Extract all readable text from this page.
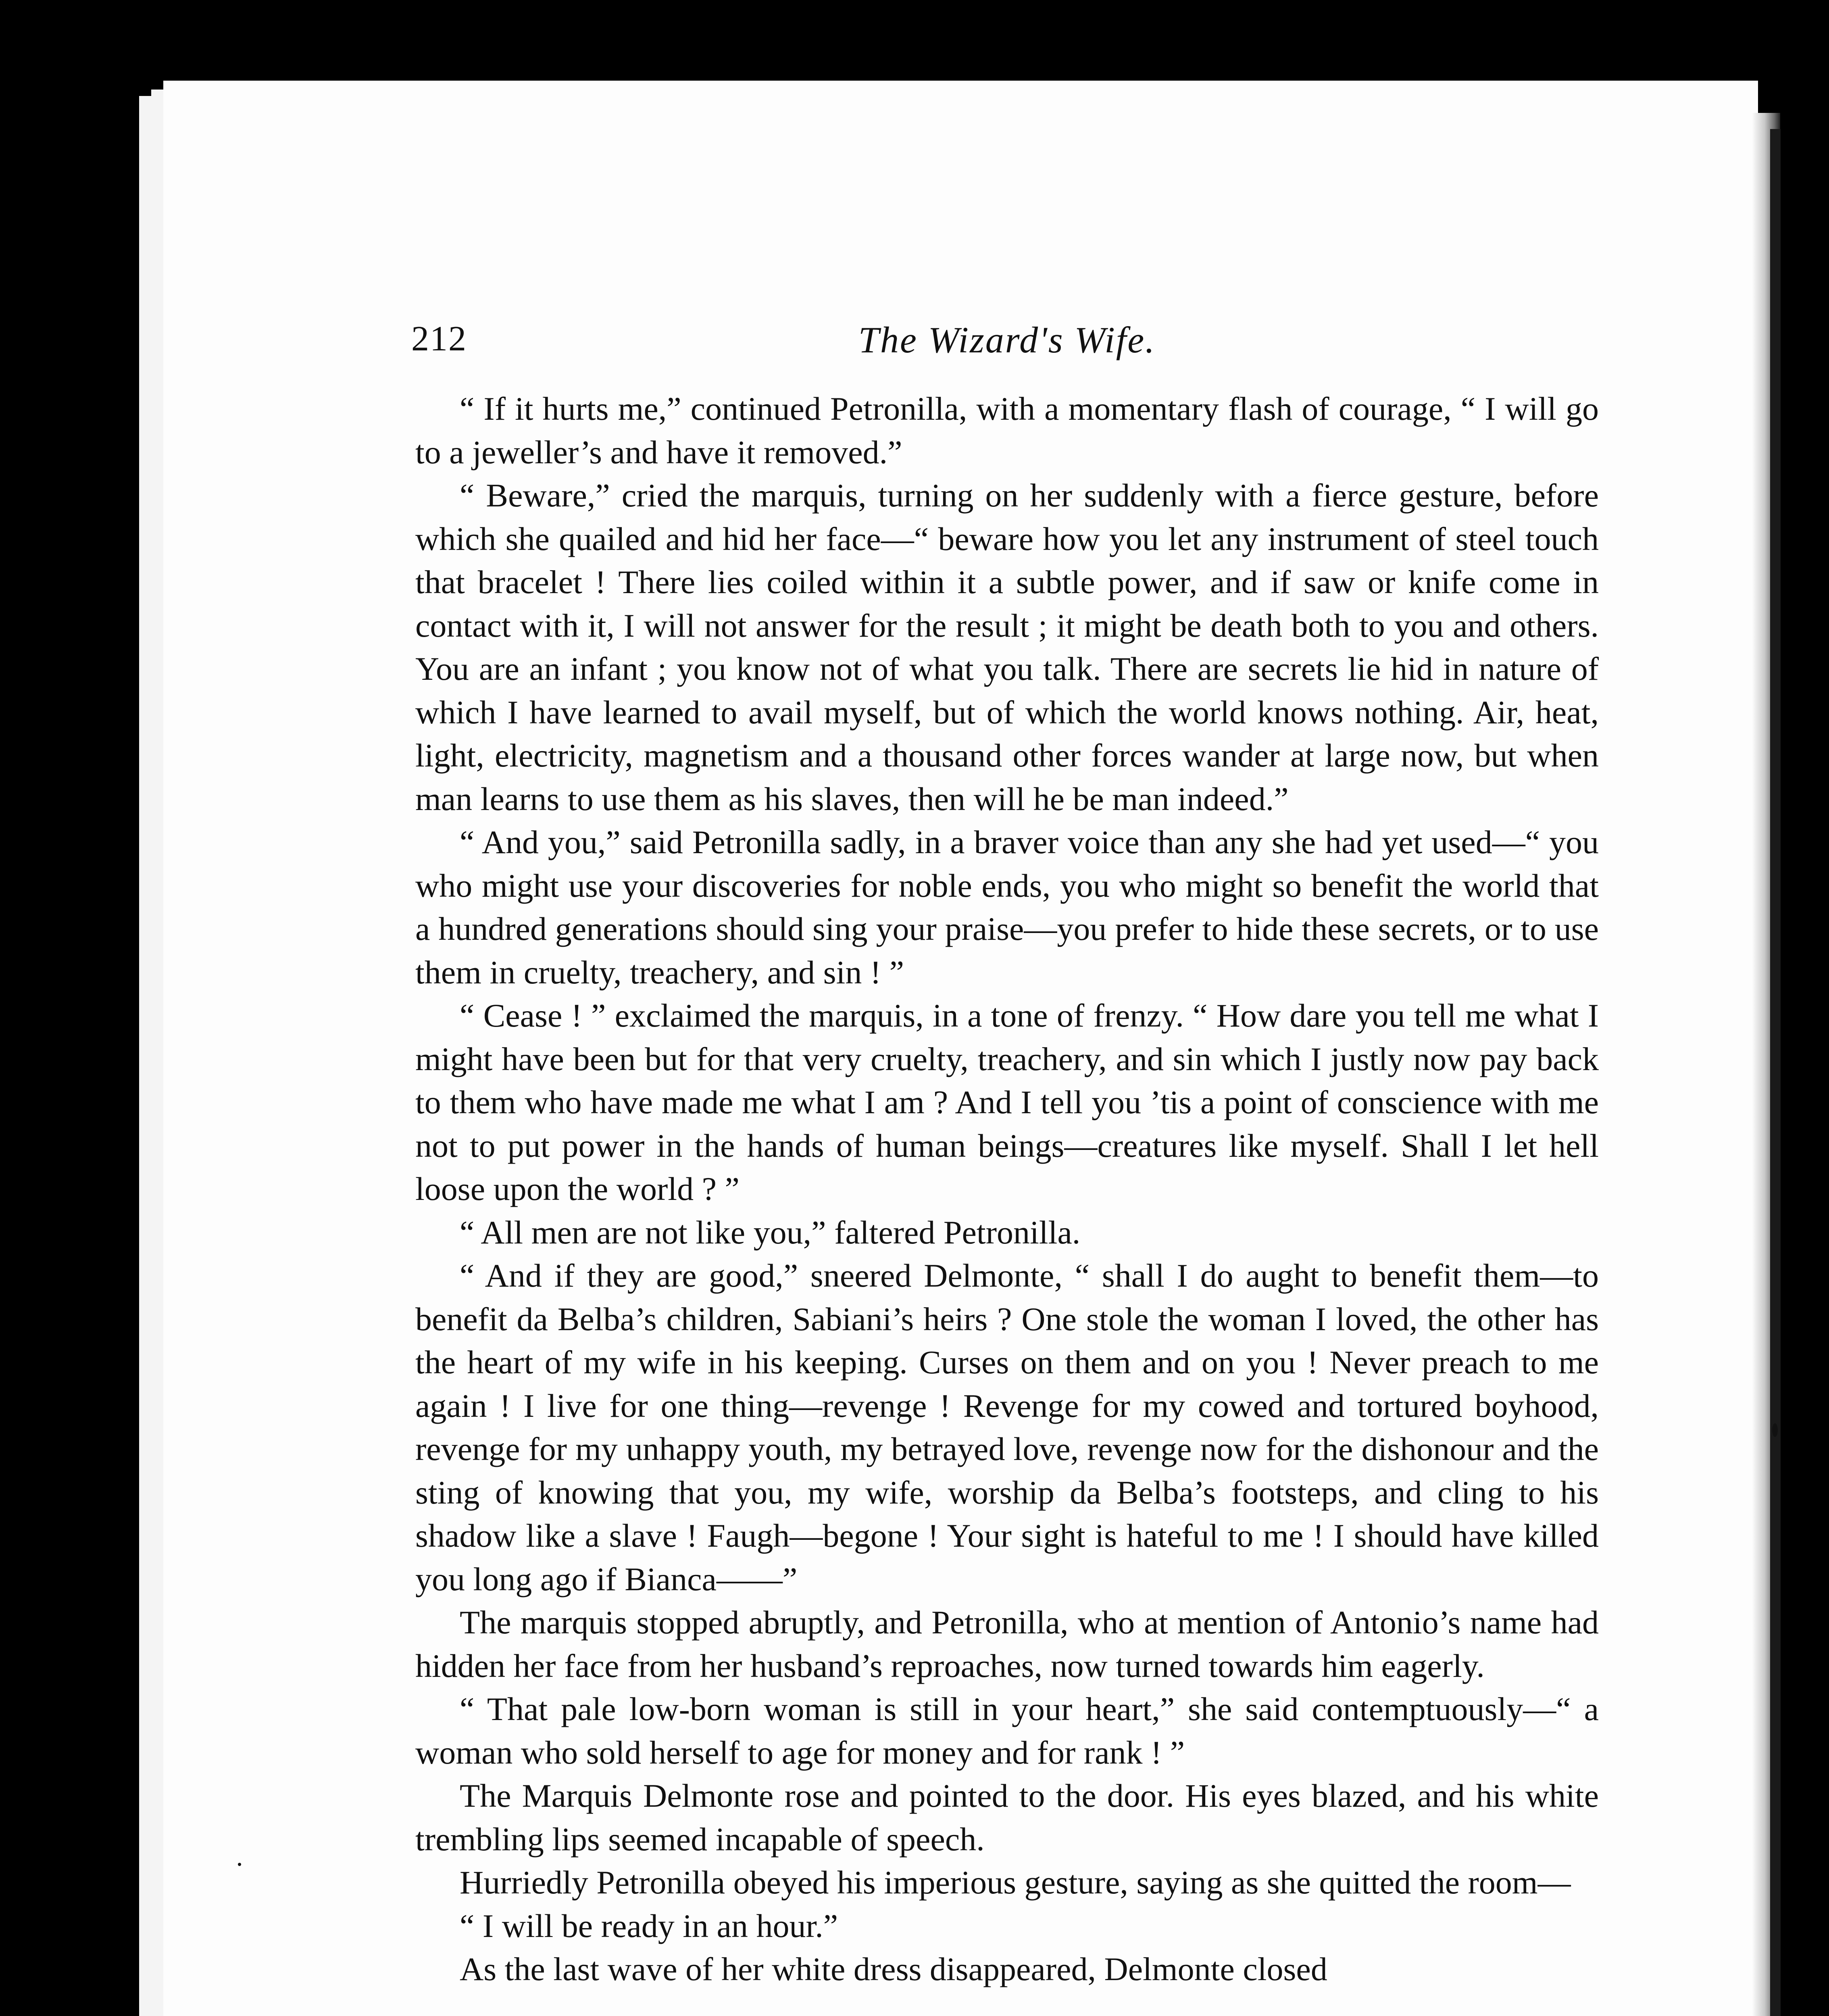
212	The Wizard's Wife.

“ If it hurts me,” continued Petronilla, with a momentary flash of courage, “ I will go to a jeweller’s and have it removed.”

“ Beware,” cried the marquis, turning on her suddenly with a fierce gesture, before which she quailed and hid her face—“ beware how you let any instrument of steel touch that bracelet ! There lies coiled within it a subtle power, and if saw or knife come in contact with it, I will not answer for the result ; it might be death both to you and others. You are an infant ; you know not of what you talk. There are secrets lie hid in nature of which I have learned to avail myself, but of which the world knows nothing. Air, heat, light, electricity, magnetism and a thousand other forces wander at large now, but when man learns to use them as his slaves, then will he be man indeed.”

“ And you,” said Petronilla sadly, in a braver voice than any she had yet used—“ you who might use your discoveries for noble ends, you who might so benefit the world that a hundred generations should sing your praise—you prefer to hide these secrets, or to use them in cruelty, treachery, and sin ! ”

“ Cease ! ” exclaimed the marquis, in a tone of frenzy. “ How dare you tell me what I might have been but for that very cruelty, treachery, and sin which I justly now pay back to them who have made me what I am ? And I tell you ’tis a point of conscience with me not to put power in the hands of human beings—creatures like myself. Shall I let hell loose upon the world ? ”

“ All men are not like you,” faltered Petronilla.

“ And if they are good,” sneered Delmonte, “ shall I do aught to benefit them—to benefit da Belba’s children, Sabiani’s heirs ? One stole the woman I loved, the other has the heart of my wife in his keeping. Curses on them and on you ! Never preach to me again ! I live for one thing—revenge ! Revenge for my cowed and tortured boyhood, revenge for my unhappy youth, my betrayed love, revenge now for the dishonour and the sting of knowing that you, my wife, worship da Belba’s footsteps, and cling to his shadow like a slave ! Faugh—begone ! Your sight is hateful to me ! I should have killed you long ago if Bianca——”

The marquis stopped abruptly, and Petronilla, who at mention of Antonio’s name had hidden her face from her husband’s reproaches, now turned towards him eagerly.

“ That pale low-born woman is still in your heart,” she said contemptuously—“ a woman who sold herself to age for money and for rank ! ”

The Marquis Delmonte rose and pointed to the door. His eyes blazed, and his white trembling lips seemed incapable of speech.

Hurriedly Petronilla obeyed his imperious gesture, saying as she quitted the room—

“ I will be ready in an hour.”

As the last wave of her white dress disappeared, Delmonte closed
